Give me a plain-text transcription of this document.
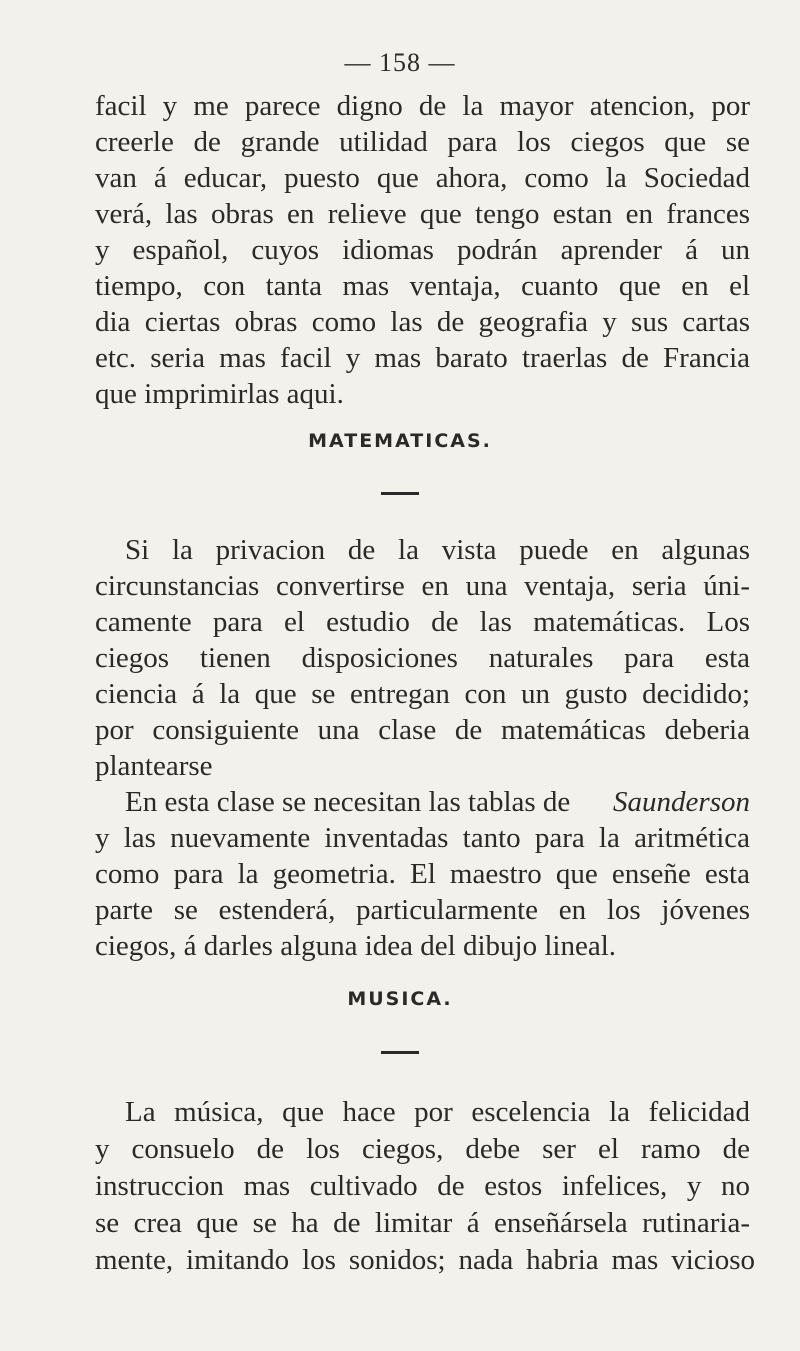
— 158 —
facil y me parece digno de la mayor atencion, por
creerle de grande utilidad para los ciegos que se
van á educar, puesto que ahora, como la Sociedad
verá, las obras en relieve que tengo estan en frances
y español, cuyos idiomas podrán aprender á un
tiempo, con tanta mas ventaja, cuanto que en el
dia ciertas obras como las de geografia y sus cartas
etc. seria mas facil y mas barato traerlas de Francia
que imprimirlas aqui.
MATEMATICAS.
Si la privacion de la vista puede en algunas
circunstancias convertirse en una ventaja, seria úni-
camente para el estudio de las matemáticas. Los
ciegos tienen disposiciones naturales para esta
ciencia á la que se entregan con un gusto decidido;
por consiguiente una clase de matemáticas deberia
plantearse
En esta clase se necesitan las tablas de Saunderson
y las nuevamente inventadas tanto para la aritmética
como para la geometria. El maestro que enseñe esta
parte se estenderá, particularmente en los jóvenes
ciegos, á darles alguna idea del dibujo lineal.
MUSICA.
La música, que hace por escelencia la felicidad
y consuelo de los ciegos, debe ser el ramo de
instruccion mas cultivado de estos infelices, y no
se crea que se ha de limitar á enseñársela rutinaria-
mente, imitando los sonidos; nada habria mas vicioso
